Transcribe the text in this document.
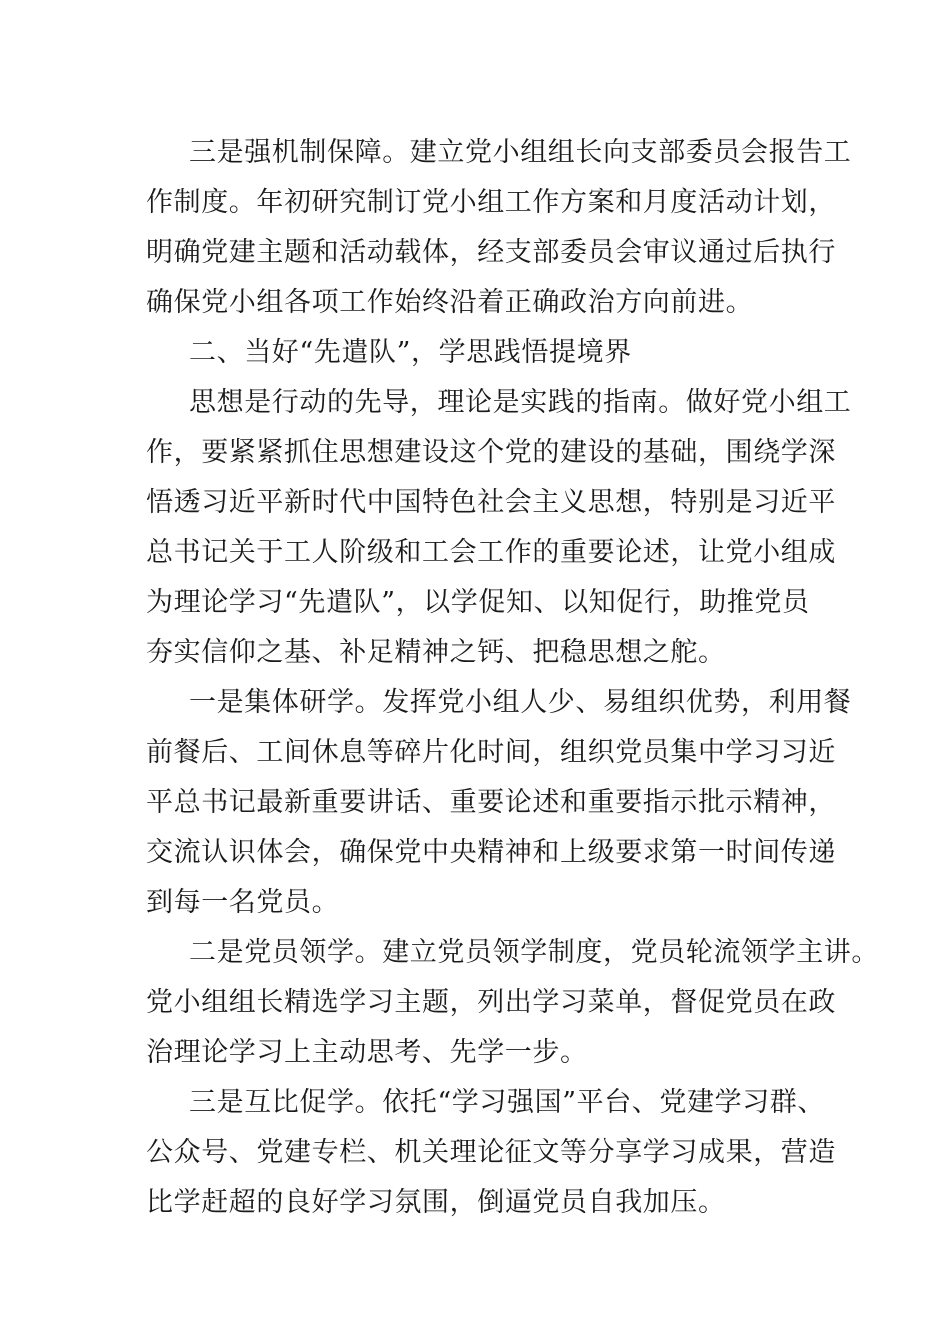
三是强机制保障。建立党小组组长向支部委员会报告工

作制度。年初研究制订党小组工作方案和月度活动计划，

明确党建主题和活动载体，经支部委员会审议通过后执行

确保党小组各项工作始终沿着正确政治方向前进。

二、当好“先遣队”，学思践悟提境界

思想是行动的先导，理论是实践的指南。做好党小组工

作，要紧紧抓住思想建设这个党的建设的基础，围绕学深

悟透习近平新时代中国特色社会主义思想，特别是习近平

总书记关于工人阶级和工会工作的重要论述，让党小组成

为理论学习“先遣队”，以学促知、以知促行，助推党员

夯实信仰之基、补足精神之钙、把稳思想之舵。

一是集体研学。发挥党小组人少、易组织优势，利用餐

前餐后、工间休息等碎片化时间，组织党员集中学习习近

平总书记最新重要讲话、重要论述和重要指示批示精神，

交流认识体会，确保党中央精神和上级要求第一时间传递

到每一名党员。

二是党员领学。建立党员领学制度，党员轮流领学主讲。

党小组组长精选学习主题，列出学习菜单，督促党员在政

治理论学习上主动思考、先学一步。

三是互比促学。依托“学习强国”平台、党建学习群、

公众号、党建专栏、机关理论征文等分享学习成果，营造

比学赶超的良好学习氛围，倒逼党员自我加压。
